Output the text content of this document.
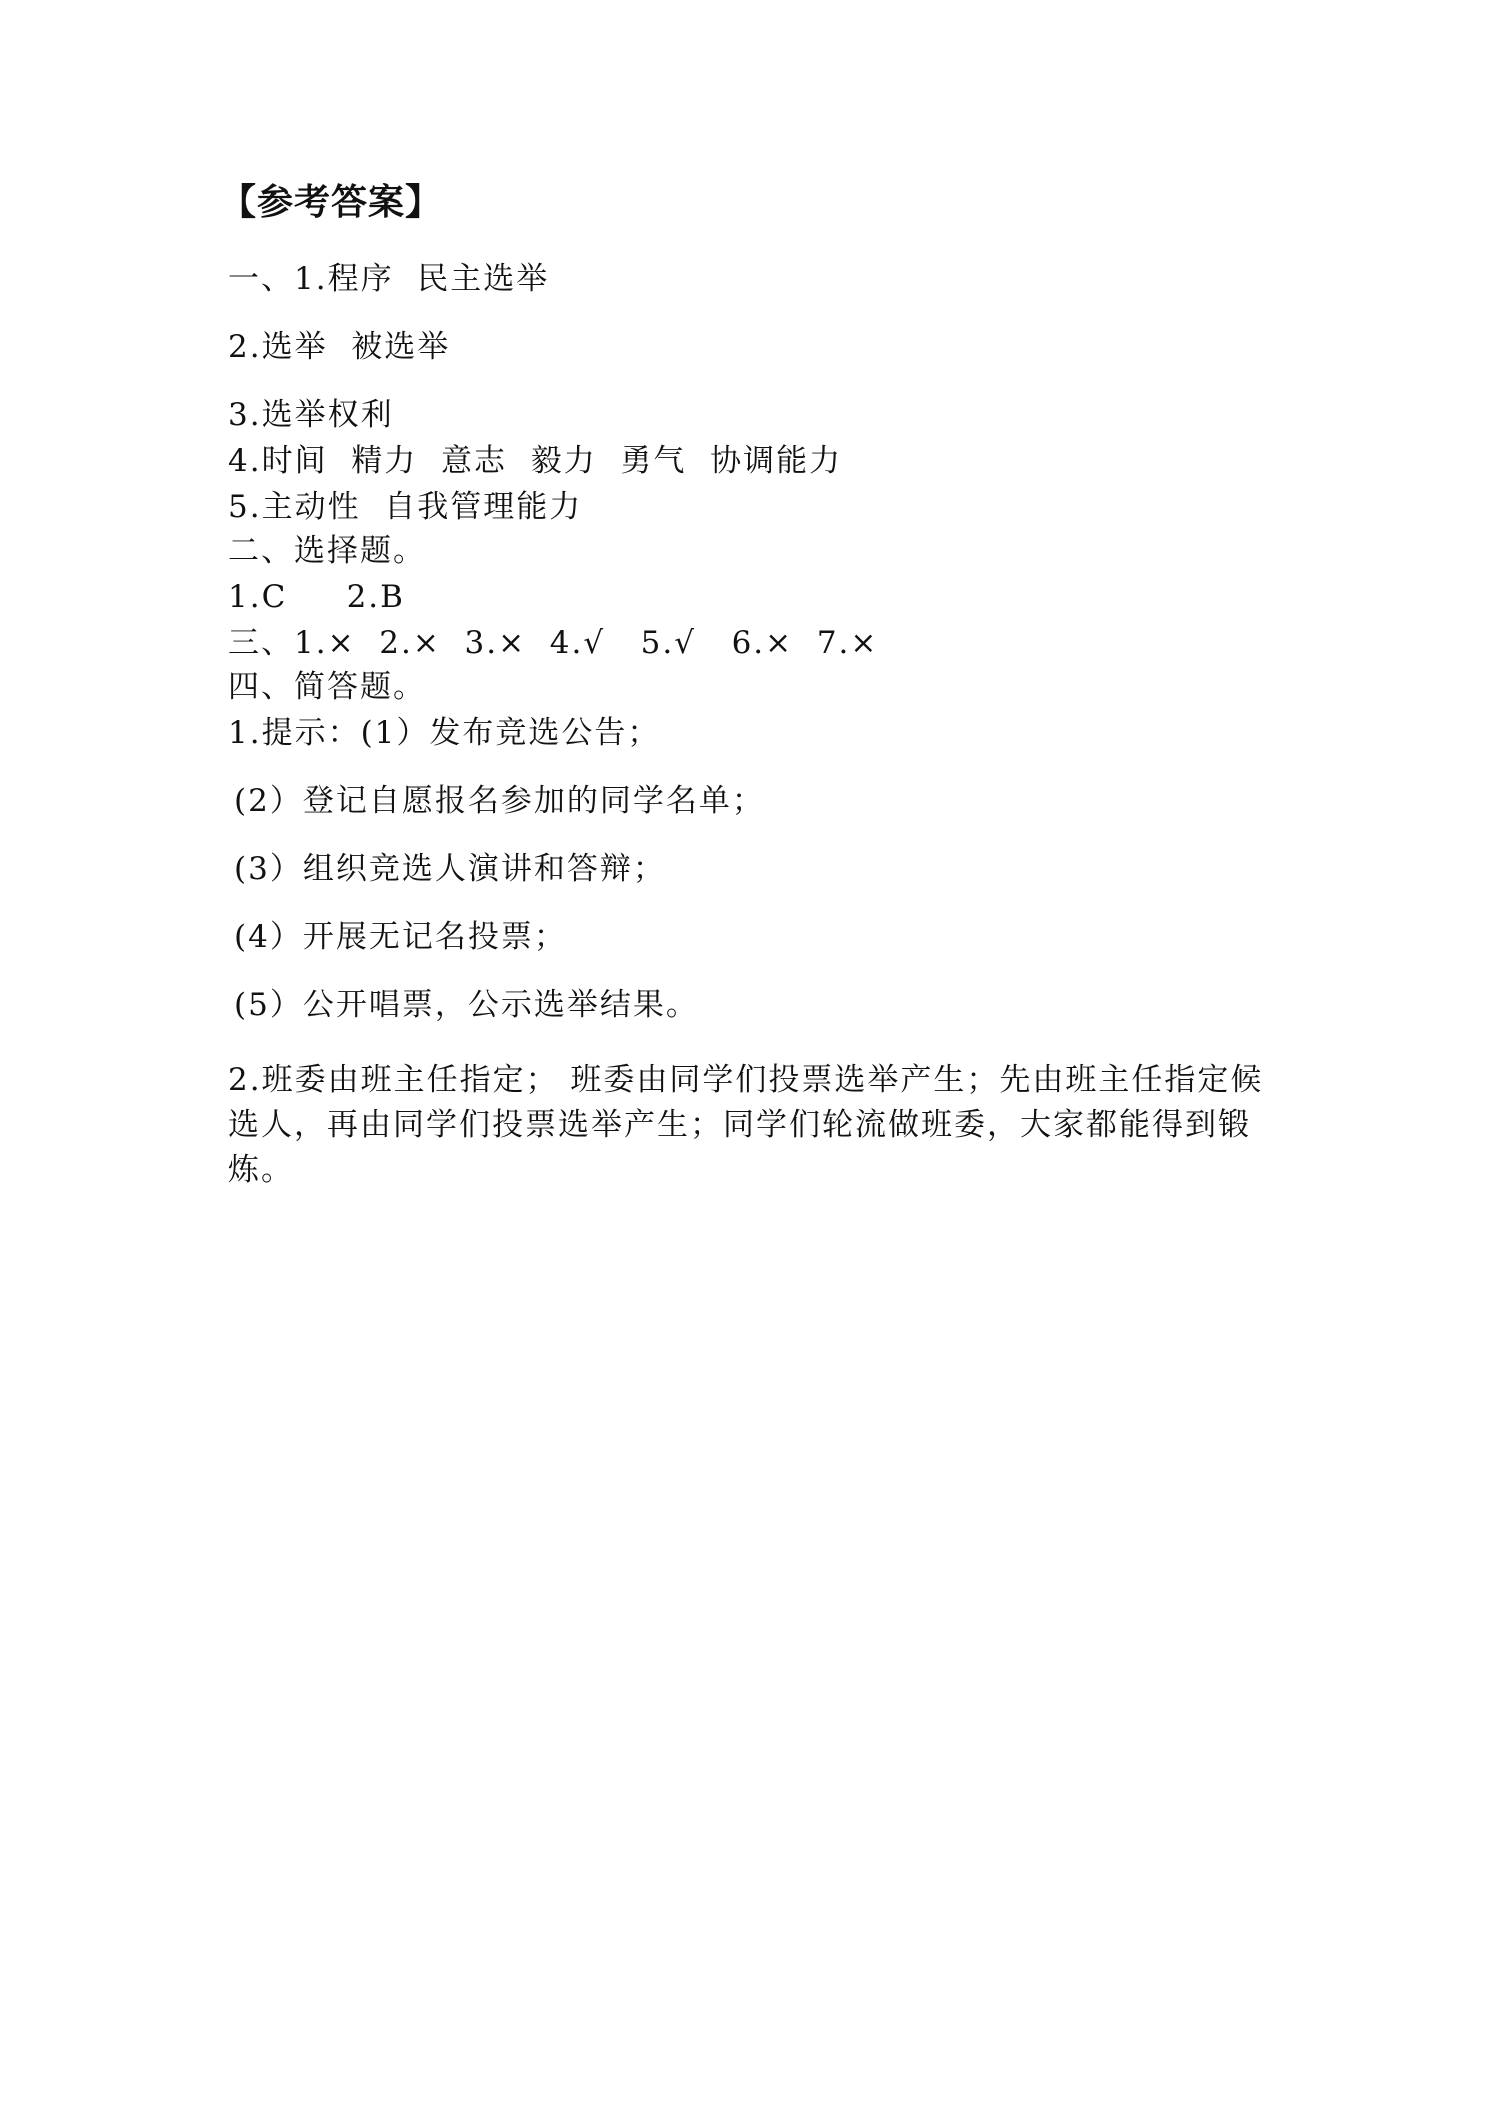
【参考答案】
一、1.程序  民主选举
2.选举  被选举
3.选举权利
4.时间  精力  意志  毅力  勇气  协调能力
5.主动性  自我管理能力
二、选择题。
1.C     2.B
三、1.×  2.×  3.×  4.√   5.√   6.×  7.×
四、简答题。
1.提示：(1）发布竞选公告；
(2）登记自愿报名参加的同学名单；
(3）组织竞选人演讲和答辩；
(4）开展无记名投票；
(5）公开唱票，公示选举结果。
2.班委由班主任指定； 班委由同学们投票选举产生；先由班主任指定候选人，再由同学们投票选举产生；同学们轮流做班委，大家都能得到锻炼。
